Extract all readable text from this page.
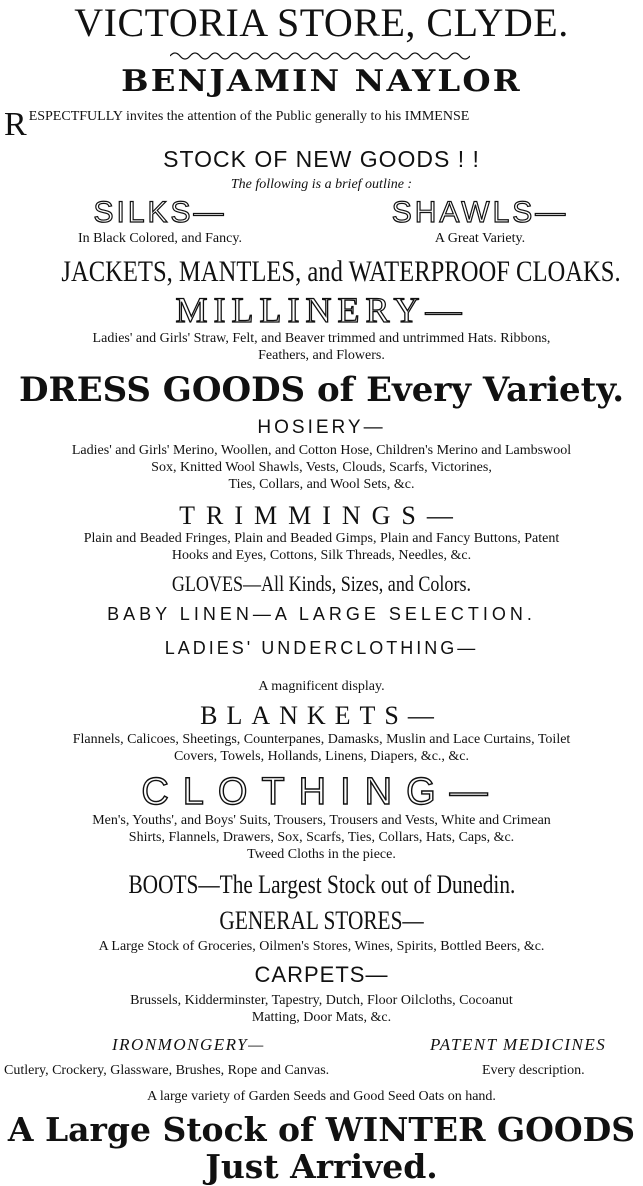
VICTORIA STORE, CLYDE.
BENJAMIN NAYLOR
R ESPECTFULLY invites the attention of the Public generally to his IMMENSE
STOCK OF NEW GOODS ! !
The following is a brief outline :
SILKS—
In Black Colored, and Fancy.
SHAWLS—
A Great Variety.
JACKETS, MANTLES, and WATERPROOF CLOAKS.
MILLINERY—

Ladies' and Girls' Straw, Felt, and Beaver trimmed and untrimmed Hats. Ribbons,

Feathers, and Flowers.

DRESS GOODS of Every Variety.
HOSIERY—

Ladies' and Girls' Merino, Woollen, and Cotton Hose, Children's Merino and Lambswool

Sox, Knitted Wool Shawls, Vests, Clouds, Scarfs, Victorines,

Ties, Collars, and Wool Sets, &c.

TRIMMINGS—

Plain and Beaded Fringes, Plain and Beaded Gimps, Plain and Fancy Buttons, Patent

Hooks and Eyes, Cottons, Silk Threads, Needles, &c.

GLOVES—All Kinds, Sizes, and Colors.
BABY LINEN—A LARGE SELECTION.
LADIES' UNDERCLOTHING—
A magnificent display.
BLANKETS—

Flannels, Calicoes, Sheetings, Counterpanes, Damasks, Muslin and Lace Curtains, Toilet

Covers, Towels, Hollands, Linens, Diapers, &c., &c.

CLOTHING—

Men's, Youths', and Boys' Suits, Trousers, Trousers and Vests, White and Crimean

Shirts, Flannels, Drawers, Sox, Scarfs, Ties, Collars, Hats, Caps, &c.

Tweed Cloths in the piece.

BOOTS—The Largest Stock out of Dunedin.
GENERAL STORES—
A Large Stock of Groceries, Oilmen's Stores, Wines, Spirits, Bottled Beers, &c.
CARPETS—

Brussels, Kidderminster, Tapestry, Dutch, Floor Oilcloths, Cocoanut

Matting, Door Mats, &c.

IRONMONGERY—	PATENT MEDICINES
Cutlery, Crockery, Glassware, Brushes, Rope and Canvas.	Every description.
A large variety of Garden Seeds and Good Seed Oats on hand.
A Large Stock of WINTER GOODS
Just Arrived.
